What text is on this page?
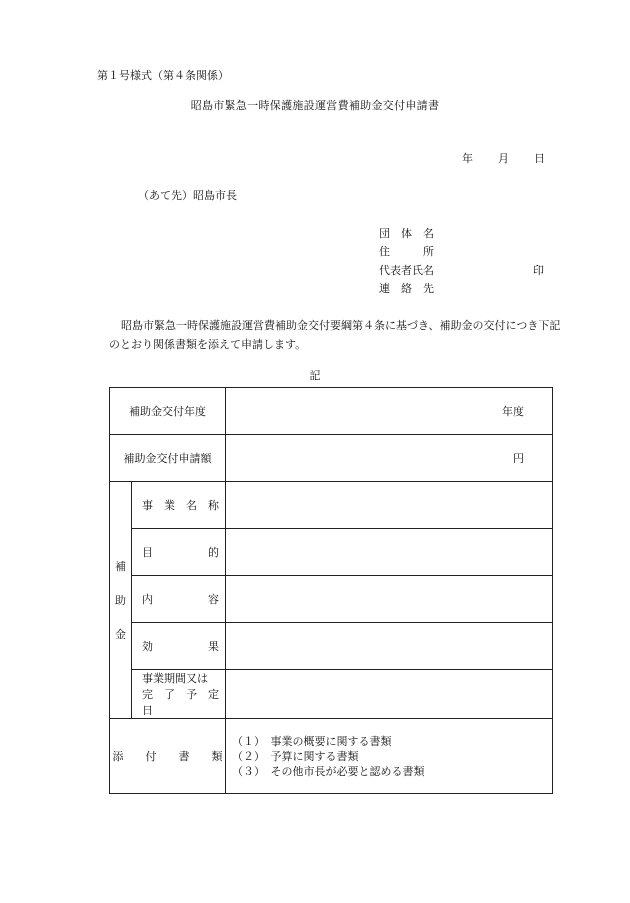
第１号様式（第４条関係）
昭島市緊急一時保護施設運営費補助金交付申請書
年 月 日
（あて先）昭島市長
団　体　名
住　　　所
代表者氏名	印
連　絡　先
昭島市緊急一時保護施設運営費補助金交付要綱第４条に基づき、補助金の交付につき下記のとおり関係書類を添えて申請します。
記
補助金交付年度		年度
補助金交付申請額		円

補
助
金	事　業　名　称	
	目　　　　　的	
	内　　　　　容	
	効　　　　　果	

	事業期間又は
完　了　予　定　日	

添　　付　　書　　類		（１）　事業の概要に関する書類
（２）　予算に関する書類
（３）　その他市長が必要と認める書類
